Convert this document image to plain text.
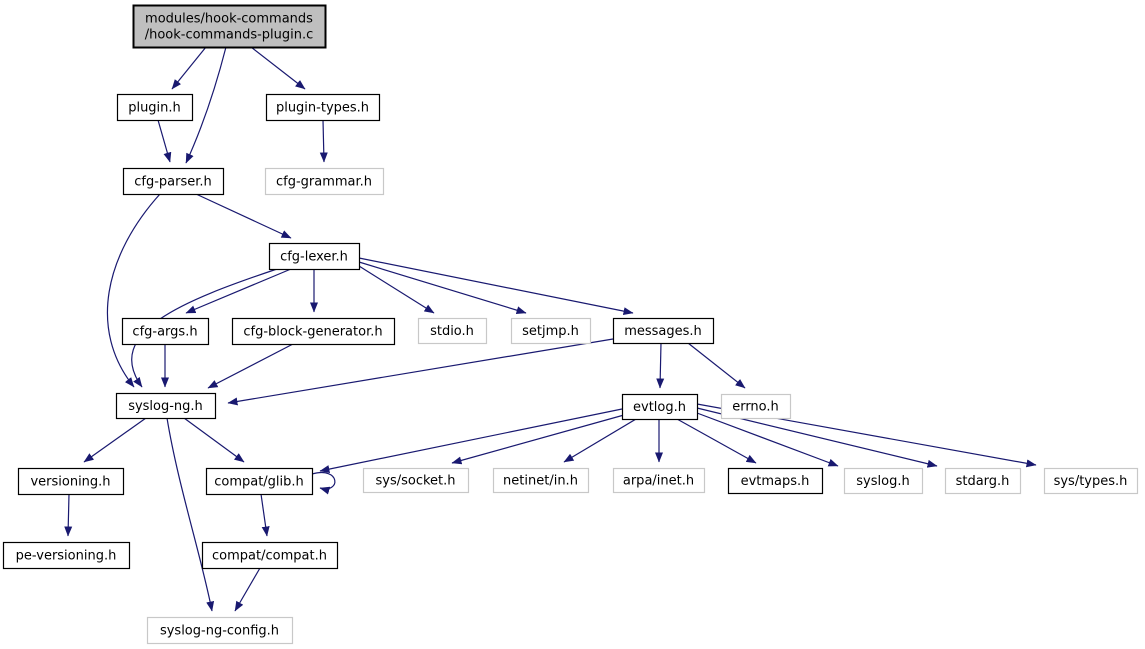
modules/hook-commands /hook-commands-plugin.c
plugin.h	plugin-types.h
cfg-parser.h	cfg-grammar.h
cfg-lexer.h
cfg-args.h	cfg-block-generator.h	stdio.h	setjmp.h	messages.h
syslog-ng.h	evtlog.h	errno.h
versioning.h	compat/glib.h	sys/socket.h	netinet/in.h	arpa/inet.h	evtmaps.h	syslog.h	stdarg.h	sys/types.h
pe-versioning.h	compat/compat.h
syslog-ng-config.h
